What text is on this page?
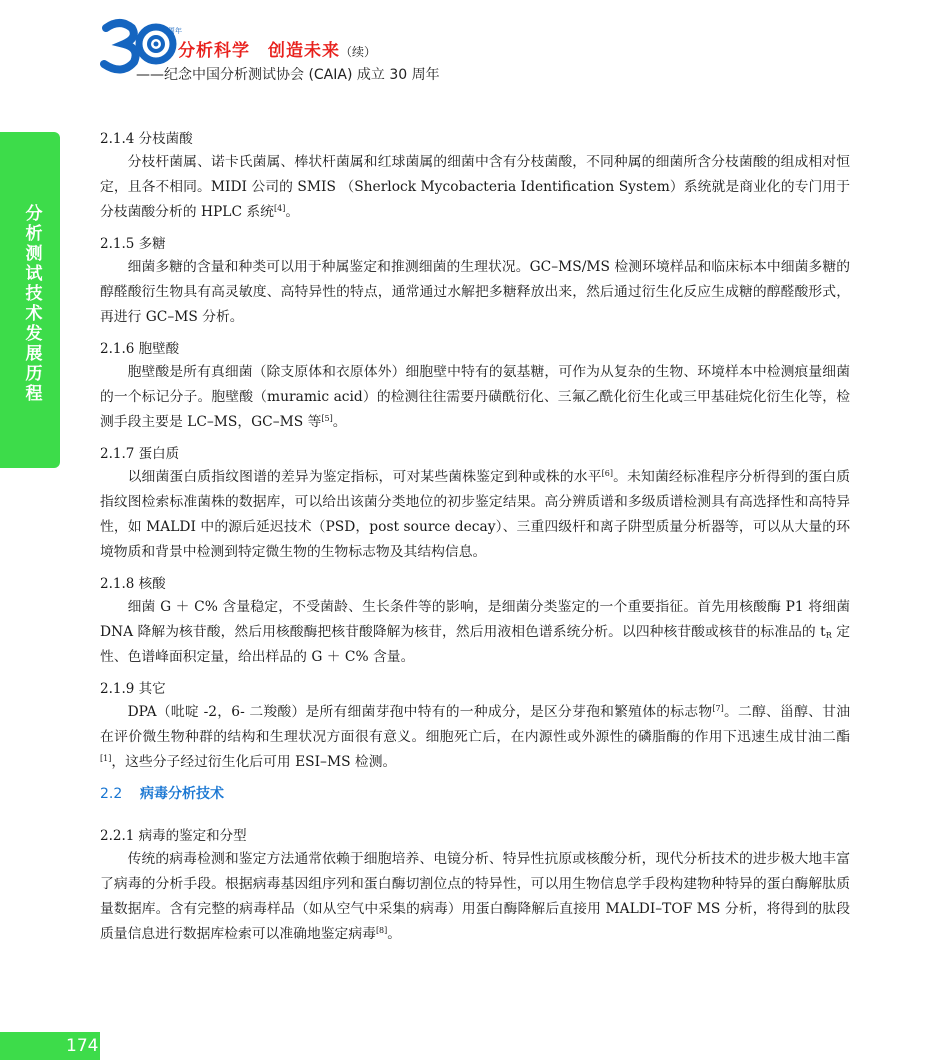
周年
分析科学 创造未来（续）
——纪念中国分析测试协会 (CAIA) 成立 30 周年
分析测试技术发展历程
174

2.1.4 分枝菌酸

分枝杆菌属、诺卡氏菌属、棒状杆菌属和红球菌属的细菌中含有分枝菌酸，不同种属的细菌所含分枝菌酸的组成相对恒定，且各不相同。MIDI 公司的 SMIS （Sherlock Mycobacteria Identification System）系统就是商业化的专门用于分枝菌酸分析的 HPLC 系统[4]。

2.1.5 多糖

细菌多糖的含量和种类可以用于种属鉴定和推测细菌的生理状况。GC–MS/MS 检测环境样品和临床标本中细菌多糖的醇醛酸衍生物具有高灵敏度、高特异性的特点，通常通过水解把多糖释放出来，然后通过衍生化反应生成糖的醇醛酸形式，再进行 GC–MS 分析。

2.1.6 胞壁酸

胞壁酸是所有真细菌（除支原体和衣原体外）细胞壁中特有的氨基糖，可作为从复杂的生物、环境样本中检测痕量细菌的一个标记分子。胞壁酸（muramic acid）的检测往往需要丹磺酰衍化、三氟乙酰化衍生化或三甲基硅烷化衍生化等，检测手段主要是 LC–MS，GC–MS 等[5]。

2.1.7 蛋白质

以细菌蛋白质指纹图谱的差异为鉴定指标，可对某些菌株鉴定到种或株的水平[6]。未知菌经标准程序分析得到的蛋白质指纹图检索标准菌株的数据库，可以给出该菌分类地位的初步鉴定结果。高分辨质谱和多级质谱检测具有高选择性和高特异性，如 MALDI 中的源后延迟技术（PSD，post source decay）、三重四级杆和离子阱型质量分析器等，可以从大量的环境物质和背景中检测到特定微生物的生物标志物及其结构信息。

2.1.8 核酸

细菌 G ＋ C% 含量稳定，不受菌龄、生长条件等的影响，是细菌分类鉴定的一个重要指征。首先用核酸酶 P1 将细菌 DNA 降解为核苷酸，然后用核酸酶把核苷酸降解为核苷，然后用液相色谱系统分析。以四种核苷酸或核苷的标准品的 $t_R$ 定性、色谱峰面积定量，给出样品的 G ＋ C% 含量。

2.1.9 其它

DPA（吡啶 -2，6- 二羧酸）是所有细菌芽孢中特有的一种成分，是区分芽孢和繁殖体的标志物[7]。二醇、甾醇、甘油在评价微生物种群的结构和生理状况方面很有意义。细胞死亡后，在内源性或外源性的磷脂酶的作用下迅速生成甘油二酯[1]，这些分子经过衍生化后可用 ESI–MS 检测。

2.2 病毒分析技术

2.2.1 病毒的鉴定和分型

传统的病毒检测和鉴定方法通常依赖于细胞培养、电镜分析、特异性抗原或核酸分析，现代分析技术的进步极大地丰富了病毒的分析手段。根据病毒基因组序列和蛋白酶切割位点的特异性，可以用生物信息学手段构建物种特异的蛋白酶解肽质量数据库。含有完整的病毒样品（如从空气中采集的病毒）用蛋白酶降解后直接用 MALDI–TOF MS 分析，将得到的肽段质量信息进行数据库检索可以准确地鉴定病毒[8]。
